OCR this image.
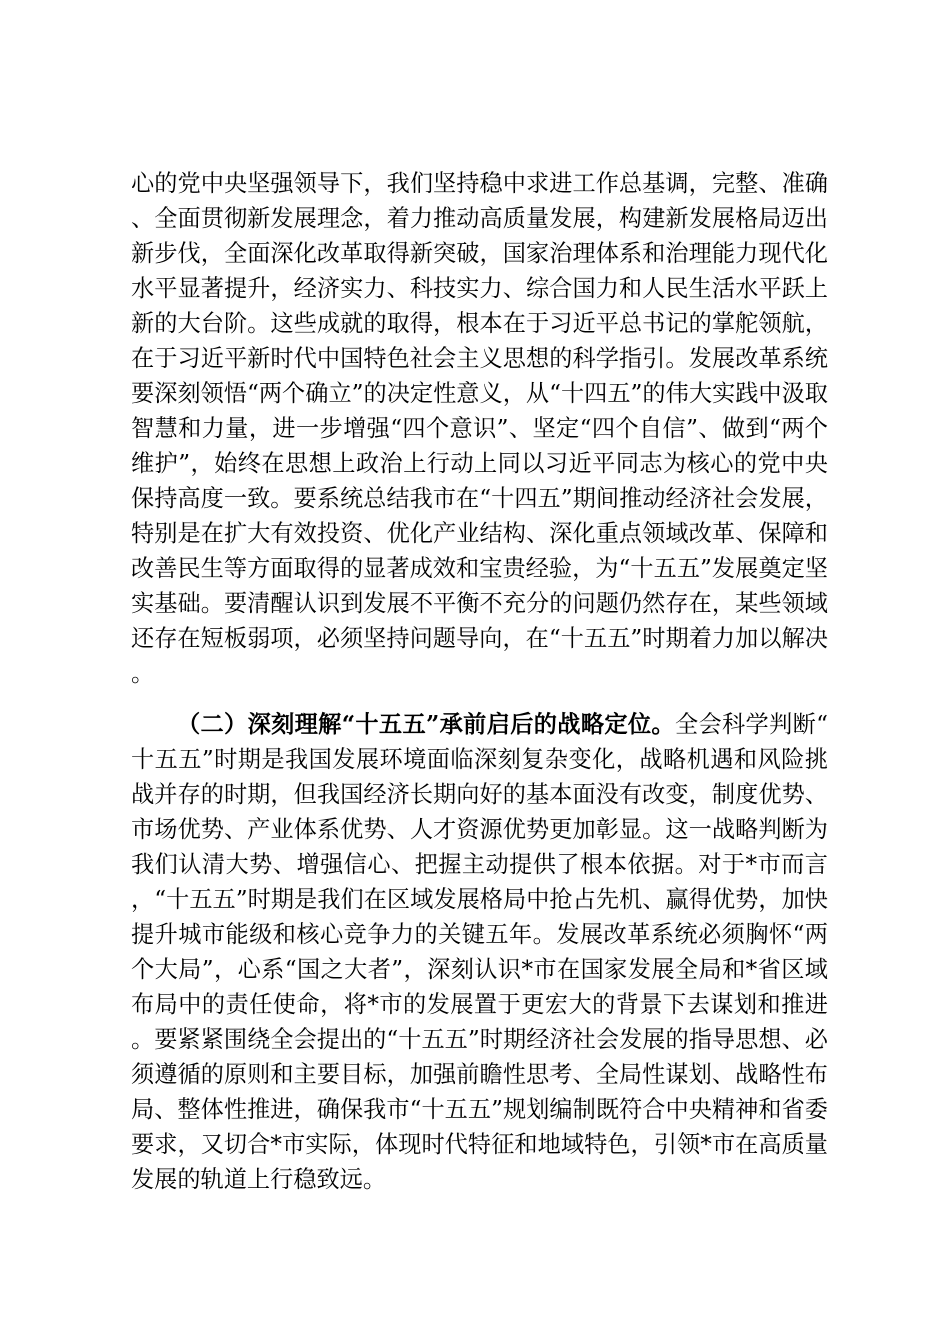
心的党中央坚强领导下，我们坚持稳中求进工作总基调，完整、准确、全面贯彻新发展理念，着力推动高质量发展，构建新发展格局迈出新步伐，全面深化改革取得新突破，国家治理体系和治理能力现代化水平显著提升，经济实力、科技实力、综合国力和人民生活水平跃上新的大台阶。这些成就的取得，根本在于习近平总书记的掌舵领航，在于习近平新时代中国特色社会主义思想的科学指引。发展改革系统要深刻领悟“两个确立”的决定性意义，从“十四五”的伟大实践中汲取智慧和力量，进一步增强“四个意识”、坚定“四个自信”、做到“两个维护”，始终在思想上政治上行动上同以习近平同志为核心的党中央保持高度一致。要系统总结我市在“十四五”期间推动经济社会发展，特别是在扩大有效投资、优化产业结构、深化重点领域改革、保障和改善民生等方面取得的显著成效和宝贵经验，为“十五五”发展奠定坚实基础。要清醒认识到发展不平衡不充分的问题仍然存在，某些领域还存在短板弱项，必须坚持问题导向，在“十五五”时期着力加以解决。

（二）深刻理解“十五五”承前启后的战略定位。全会科学判断“十五五”时期是我国发展环境面临深刻复杂变化，战略机遇和风险挑战并存的时期，但我国经济长期向好的基本面没有改变，制度优势、市场优势、产业体系优势、人才资源优势更加彰显。这一战略判断为我们认清大势、增强信心、把握主动提供了根本依据。对于*市而言，“十五五”时期是我们在区域发展格局中抢占先机、赢得优势，加快提升城市能级和核心竞争力的关键五年。发展改革系统必须胸怀“两个大局”，心系“国之大者”，深刻认识*市在国家发展全局和*省区域布局中的责任使命，将*市的发展置于更宏大的背景下去谋划和推进。要紧紧围绕全会提出的“十五五”时期经济社会发展的指导思想、必须遵循的原则和主要目标，加强前瞻性思考、全局性谋划、战略性布局、整体性推进，确保我市“十五五”规划编制既符合中央精神和省委要求，又切合*市实际，体现时代特征和地域特色，引领*市在高质量发展的轨道上行稳致远。
